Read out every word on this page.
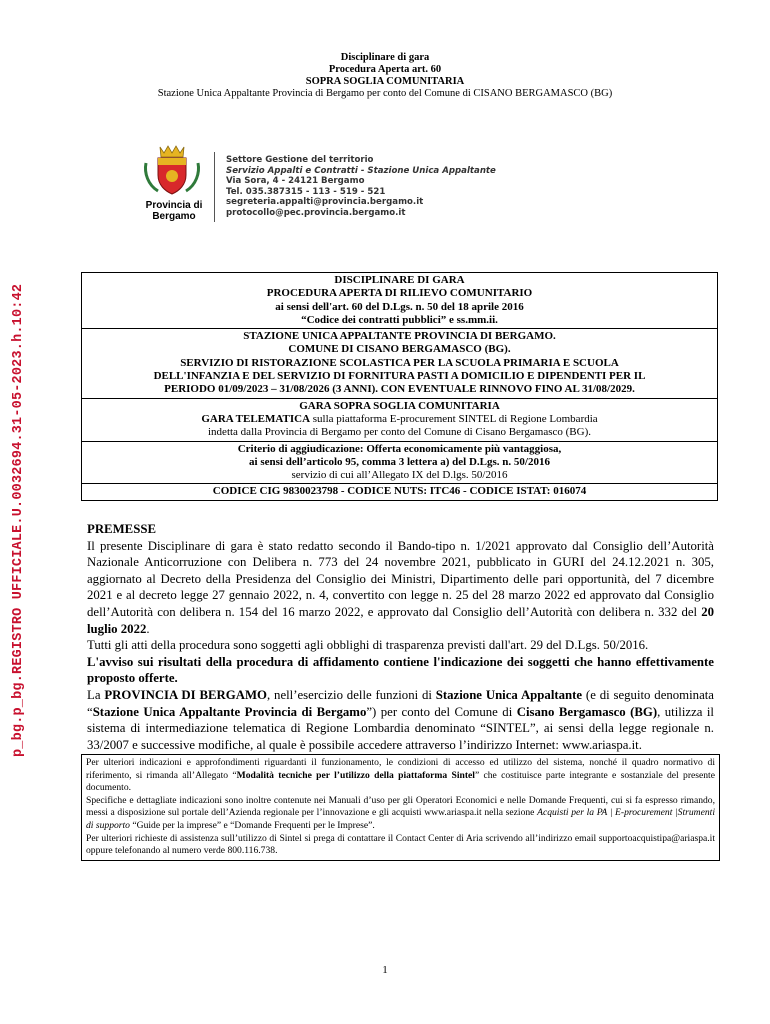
Disciplinare di gara
Procedura Aperta art. 60
SOPRA SOGLIA COMUNITARIA
Stazione Unica Appaltante Provincia di Bergamo per conto del Comune di CISANO BERGAMASCO (BG)
p_bg.p_bg.REGISTRO UFFICIALE.U.0032694.31-05-2023.h.10:42
Provincia di
Bergamo
Settore Gestione del territorio
Servizio Appalti e Contratti - Stazione Unica Appaltante
Via Sora, 4 - 24121 Bergamo
Tel. 035.387315 - 113 - 519 - 521
segreteria.appalti@provincia.bergamo.it
protocollo@pec.provincia.bergamo.it
DISCIPLINARE DI GARA
PROCEDURA APERTA DI RILIEVO COMUNITARIO
ai sensi dell'art. 60 del D.Lgs. n. 50 del 18 aprile 2016
“Codice dei contratti pubblici” e ss.mm.ii.

STAZIONE UNICA APPALTANTE PROVINCIA DI BERGAMO.
COMUNE DI CISANO BERGAMASCO (BG).
SERVIZIO DI RISTORAZIONE SCOLASTICA PER LA SCUOLA PRIMARIA E SCUOLA
DELL'INFANZIA E DEL SERVIZIO DI FORNITURA PASTI A DOMICILIO E DIPENDENTI PER IL
PERIODO 01/09/2023 – 31/08/2026 (3 ANNI). CON EVENTUALE RINNOVO FINO AL 31/08/2029.

GARA SOPRA SOGLIA COMUNITARIA
GARA TELEMATICA sulla piattaforma E-procurement SINTEL di Regione Lombardia
indetta dalla Provincia di Bergamo per conto del Comune di Cisano Bergamasco (BG).

Criterio di aggiudicazione: Offerta economicamente più vantaggiosa,
ai sensi dell’articolo 95, comma 3 lettera a) del D.Lgs. n. 50/2016
servizio di cui all’Allegato IX del D.lgs. 50/2016

CODICE CIG 9830023798 - CODICE NUTS: ITC46 - CODICE ISTAT: 016074

PREMESSE

Il presente Disciplinare di gara è stato redatto secondo il Bando-tipo n. 1/2021 approvato dal Consiglio dell’Autorità Nazionale Anticorruzione con Delibera n. 773 del 24 novembre 2021, pubblicato in GURI del 24.12.2021 n. 305, aggiornato al Decreto della Presidenza del Consiglio dei Ministri, Dipartimento delle pari opportunità, del 7 dicembre 2021 e al decreto legge 27 gennaio 2022, n. 4, convertito con legge n. 25 del 28 marzo 2022 ed approvato dal Consiglio dell’Autorità con delibera n. 154 del 16 marzo 2022, e approvato dal Consiglio dell’Autorità con delibera n. 332 del 20 luglio 2022.

Tutti gli atti della procedura sono soggetti agli obblighi di trasparenza previsti dall'art. 29 del D.Lgs. 50/2016.

L'avviso sui risultati della procedura di affidamento contiene l'indicazione dei soggetti che hanno effettivamente proposto offerte.

La PROVINCIA DI BERGAMO, nell’esercizio delle funzioni di Stazione Unica Appaltante (e di seguito denominata “Stazione Unica Appaltante Provincia di Bergamo”) per conto del Comune di Cisano Bergamasco (BG), utilizza il sistema di intermediazione telematica di Regione Lombardia denominato “SINTEL”, ai sensi della legge regionale n. 33/2007 e successive modifiche, al quale è possibile accedere attraverso l’indirizzo Internet: www.ariaspa.it.

Per ulteriori indicazioni e approfondimenti riguardanti il funzionamento, le condizioni di accesso ed utilizzo del sistema, nonché il quadro normativo di riferimento, si rimanda all’Allegato “Modalità tecniche per l’utilizzo della piattaforma Sintel” che costituisce parte integrante e sostanziale del presente documento.

Specifiche e dettagliate indicazioni sono inoltre contenute nei Manuali d’uso per gli Operatori Economici e nelle Domande Frequenti, cui si fa espresso rimando, messi a disposizione sul portale dell’Azienda regionale per l’innovazione e gli acquisti www.ariaspa.it nella sezione Acquisti per la PA | E-procurement |Strumenti di supporto “Guide per la imprese” e “Domande Frequenti per le Imprese”.

Per ulteriori richieste di assistenza sull’utilizzo di Sintel si prega di contattare il Contact Center di Aria scrivendo all’indirizzo email supportoacquistipa@ariaspa.it oppure telefonando al numero verde 800.116.738.

1
